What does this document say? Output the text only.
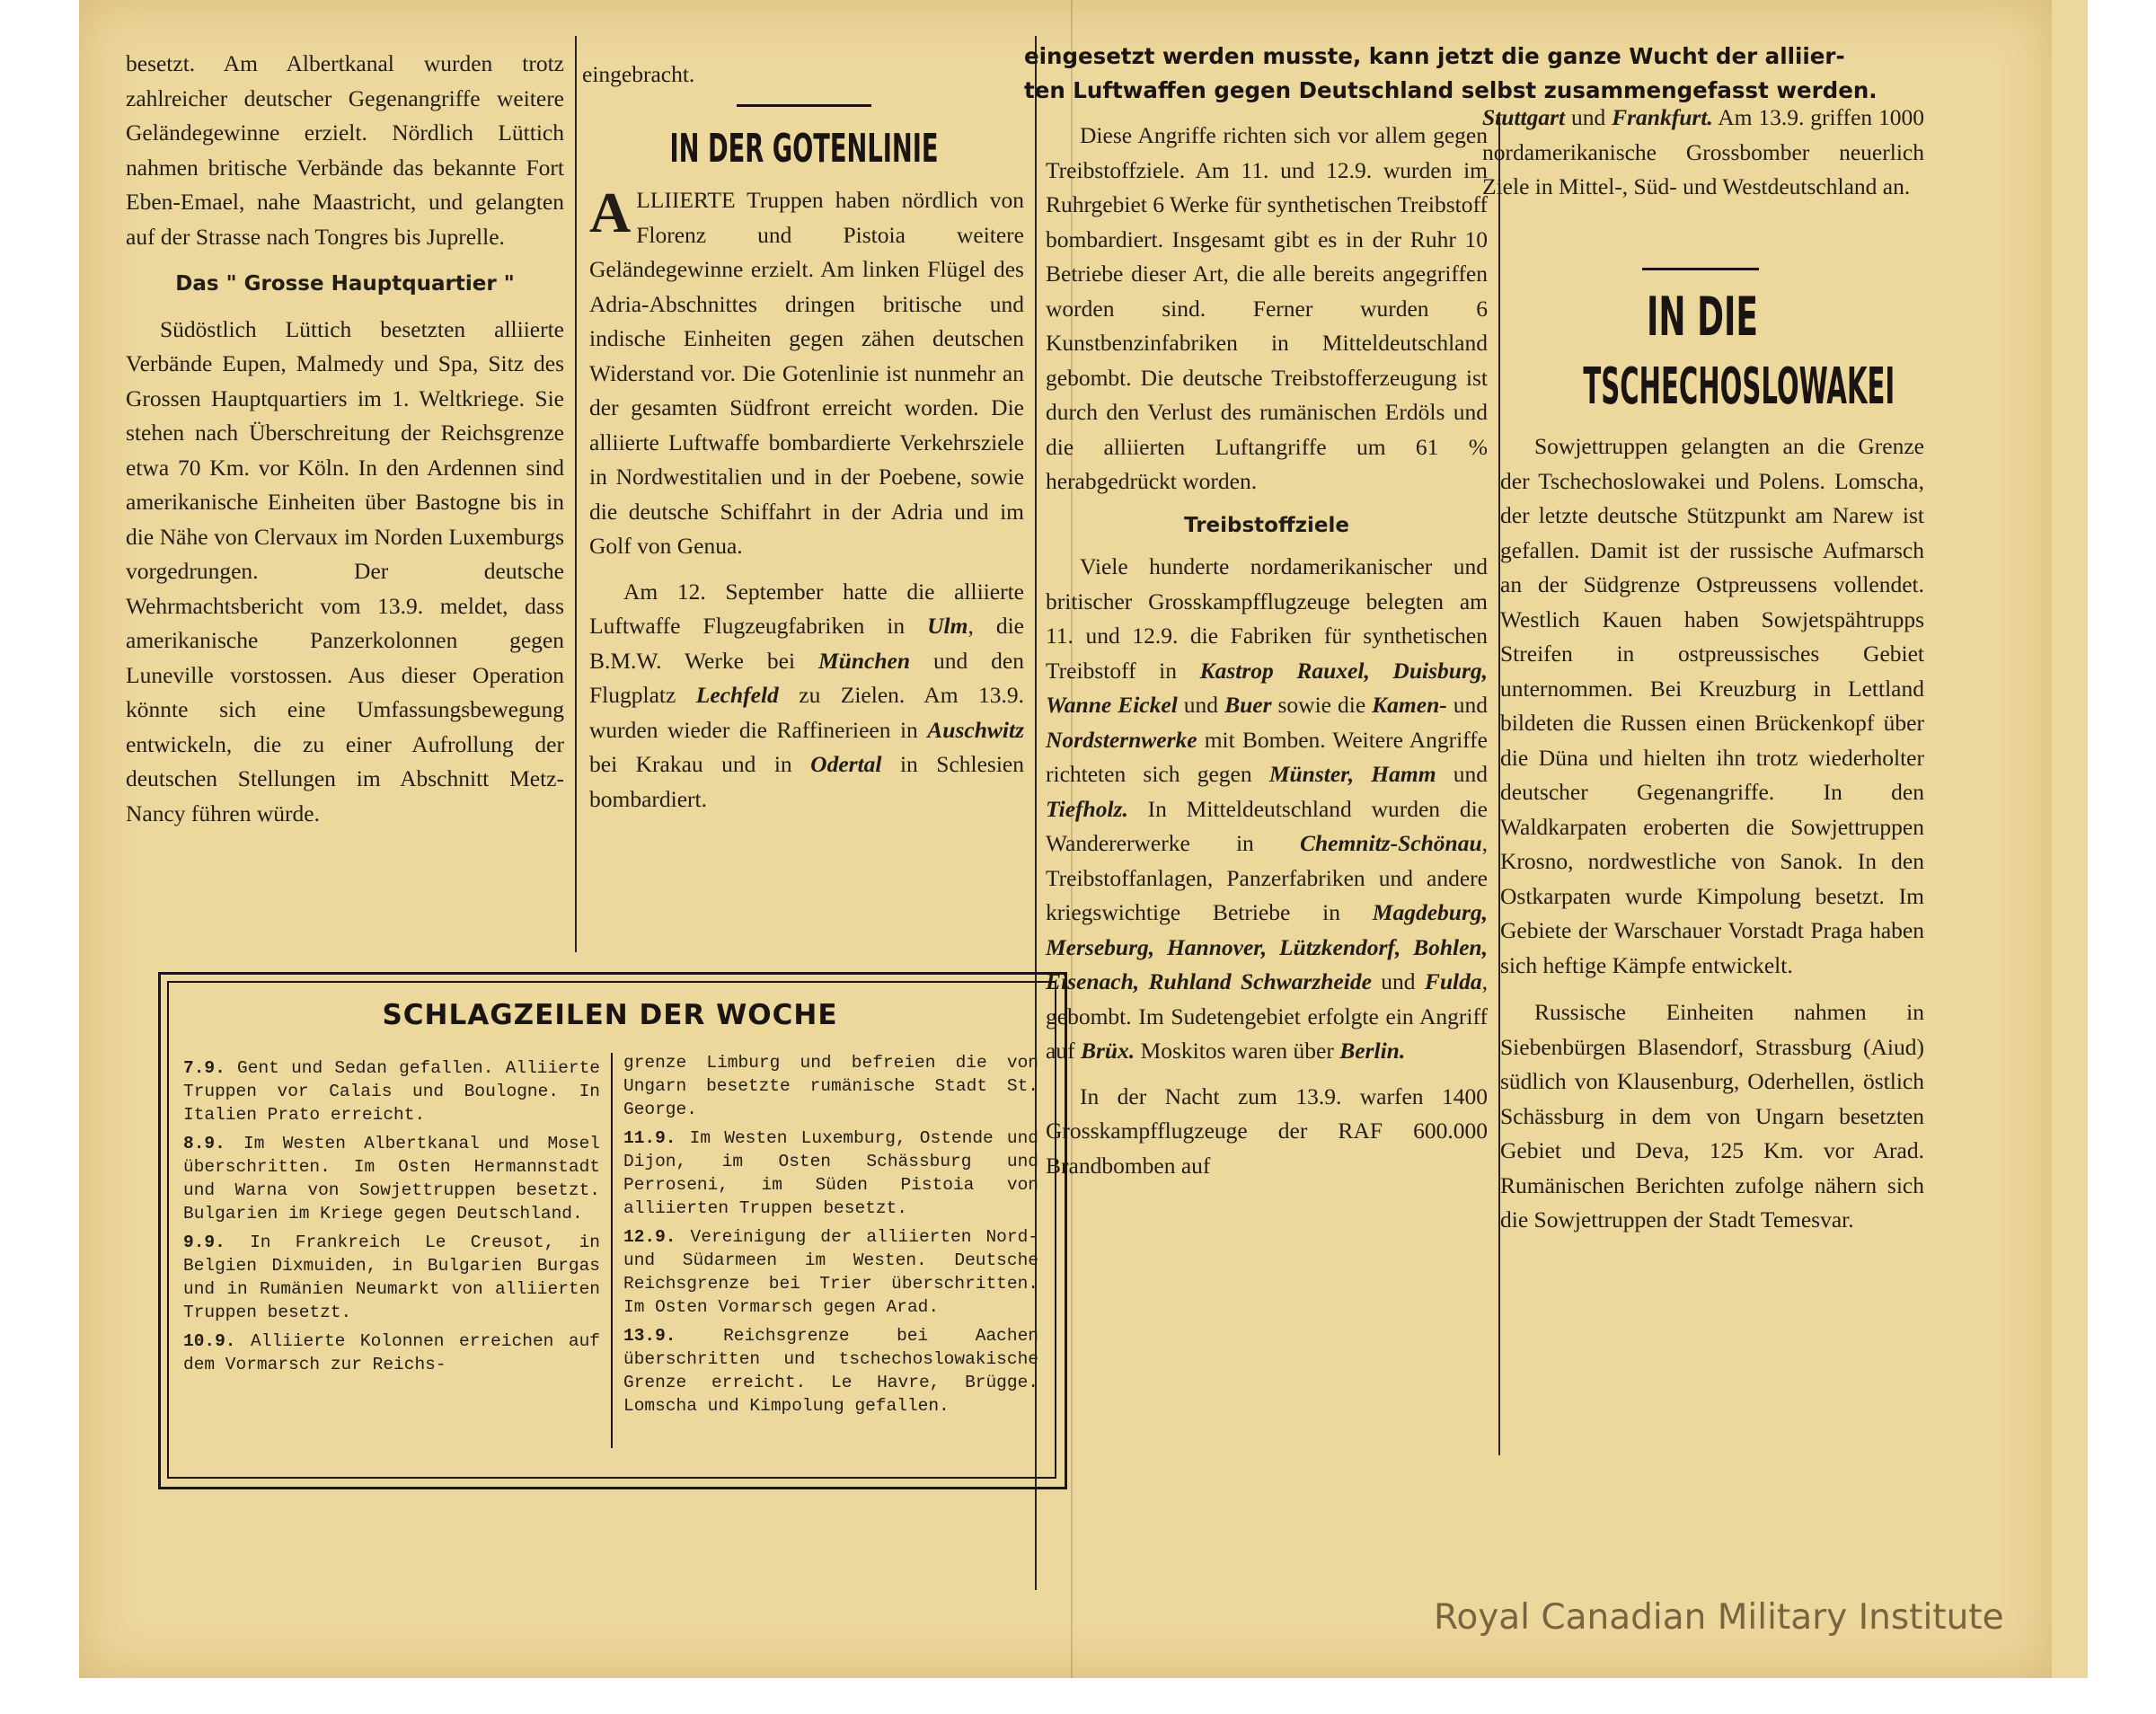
besetzt. Am Albertkanal wurden trotz zahlreicher deutscher Gegenangriffe weitere Geländegewinne erzielt. Nördlich Lüttich nahmen britische Verbände das bekannte Fort Eben-Emael, nahe Maastricht, und gelangten auf der Strasse nach Tongres bis Juprelle.

Das " Grosse Hauptquartier "

Südöstlich Lüttich besetzten alliierte Verbände Eupen, Malmedy und Spa, Sitz des Grossen Hauptquartiers im 1. Weltkriege. Sie stehen nach Überschreitung der Reichsgrenze etwa 70 Km. vor Köln. In den Ardennen sind amerikanische Einheiten über Bastogne bis in die Nähe von Clervaux im Norden Luxemburgs vorgedrungen. Der deutsche Wehrmachtsbericht vom 13.9. meldet, dass amerikanische Panzerkolonnen gegen Luneville vorstossen. Aus dieser Operation könnte sich eine Umfassungsbewegung entwickeln, die zu einer Aufrollung der deutschen Stellungen im Abschnitt Metz-Nancy führen würde.

eingebracht.

IN DER GOTENLINIE

ALLIIERTE Truppen haben nördlich von Florenz und Pistoia weitere Geländegewinne erzielt. Am linken Flügel des Adria-Abschnittes dringen britische und indische Einheiten gegen zähen deutschen Widerstand vor. Die Gotenlinie ist nunmehr an der gesamten Südfront erreicht worden. Die alliierte Luftwaffe bombardierte Verkehrsziele in Nordwestitalien und in der Poebene, sowie die deutsche Schiffahrt in der Adria und im Golf von Genua.

Am 12. September hatte die alliierte Luftwaffe Flugzeugfabriken in Ulm, die B.M.W. Werke bei München und den Flugplatz Lechfeld zu Zielen. Am 13.9. wurden wieder die Raffinerieen in Auschwitz bei Krakau und in Odertal in Schlesien bombardiert.

eingesetzt werden musste, kann jetzt die ganze Wucht der alliier-
ten Luftwaffen gegen Deutschland selbst zusammengefasst werden.

Diese Angriffe richten sich vor allem gegen Treibstoffziele. Am 11. und 12.9. wurden im Ruhrgebiet 6 Werke für synthetischen Treibstoff bombardiert. Insgesamt gibt es in der Ruhr 10 Betriebe dieser Art, die alle bereits angegriffen worden sind. Ferner wurden 6 Kunstbenzinfabriken in Mitteldeutschland gebombt. Die deutsche Treibstofferzeugung ist durch den Verlust des rumänischen Erdöls und die alliierten Luftangriffe um 61 % herabgedrückt worden.

Treibstoffziele

Viele hunderte nordamerikanischer und britischer Grosskampfflugzeuge belegten am 11. und 12.9. die Fabriken für synthetischen Treibstoff in Kastrop Rauxel, Duisburg, Wanne Eickel und Buer sowie die Kamen- und Nordsternwerke mit Bomben. Weitere Angriffe richteten sich gegen Münster, Hamm und Tiefholz. In Mitteldeutschland wurden die Wandererwerke in Chemnitz-Schönau, Treibstoffanlagen, Panzerfabriken und andere kriegswichtige Betriebe in Magdeburg, Merseburg, Hannover, Lützkendorf, Bohlen, Eisenach, Ruhland Schwarzheide und Fulda, gebombt. Im Sudetengebiet erfolgte ein Angriff auf Brüx. Moskitos waren über Berlin.

In der Nacht zum 13.9. warfen 1400 Grosskampfflugzeuge der RAF 600.000 Brandbomben auf

Stuttgart und Frankfurt. Am 13.9. griffen 1000 nordamerikanische Grossbomber neuerlich Ziele in Mittel-, Süd- und Westdeutschland an.

IN DIE
TSCHECHOSLOWAKEI

Sowjettruppen gelangten an die Grenze der Tschechoslowakei und Polens. Lomscha, der letzte deutsche Stützpunkt am Narew ist gefallen. Damit ist der russische Aufmarsch an der Südgrenze Ostpreussens vollendet. Westlich Kauen haben Sowjetspähtrupps Streifen in ostpreussisches Gebiet unternommen. Bei Kreuzburg in Lettland bildeten die Russen einen Brückenkopf über die Düna und hielten ihn trotz wiederholter deutscher Gegenangriffe. In den Waldkarpaten eroberten die Sowjettruppen Krosno, nordwestliche von Sanok. In den Ostkarpaten wurde Kimpolung besetzt. Im Gebiete der Warschauer Vorstadt Praga haben sich heftige Kämpfe entwickelt.

Russische Einheiten nahmen in Siebenbürgen Blasendorf, Strassburg (Aiud) südlich von Klausenburg, Oderhellen, östlich Schässburg in dem von Ungarn besetzten Gebiet und Deva, 125 Km. vor Arad. Rumänischen Berichten zufolge nähern sich die Sowjettruppen der Stadt Temesvar.

SCHLAGZEILEN DER WOCHE

7.9. Gent und Sedan gefallen. Alliierte Truppen vor Calais und Boulogne. In Italien Prato erreicht.

8.9. Im Westen Albertkanal und Mosel überschritten. Im Osten Hermannstadt und Warna von Sowjettruppen besetzt. Bulgarien im Kriege gegen Deutschland.

9.9. In Frankreich Le Creusot, in Belgien Dixmuiden, in Bulgarien Burgas und in Rumänien Neumarkt von alliierten Truppen besetzt.

10.9. Alliierte Kolonnen erreichen auf dem Vormarsch zur Reichs-

grenze Limburg und befreien die von Ungarn besetzte rumänische Stadt St. George.

11.9. Im Westen Luxemburg, Ostende und Dijon, im Osten Schässburg und Perroseni, im Süden Pistoia von alliierten Truppen besetzt.

12.9. Vereinigung der alliierten Nord- und Südarmeen im Westen. Deutsche Reichsgrenze bei Trier überschritten. Im Osten Vormarsch gegen Arad.

13.9. Reichsgrenze bei Aachen überschritten und tschechoslowakische Grenze erreicht. Le Havre, Brügge. Lomscha und Kimpolung gefallen.

Royal Canadian Military Institute
